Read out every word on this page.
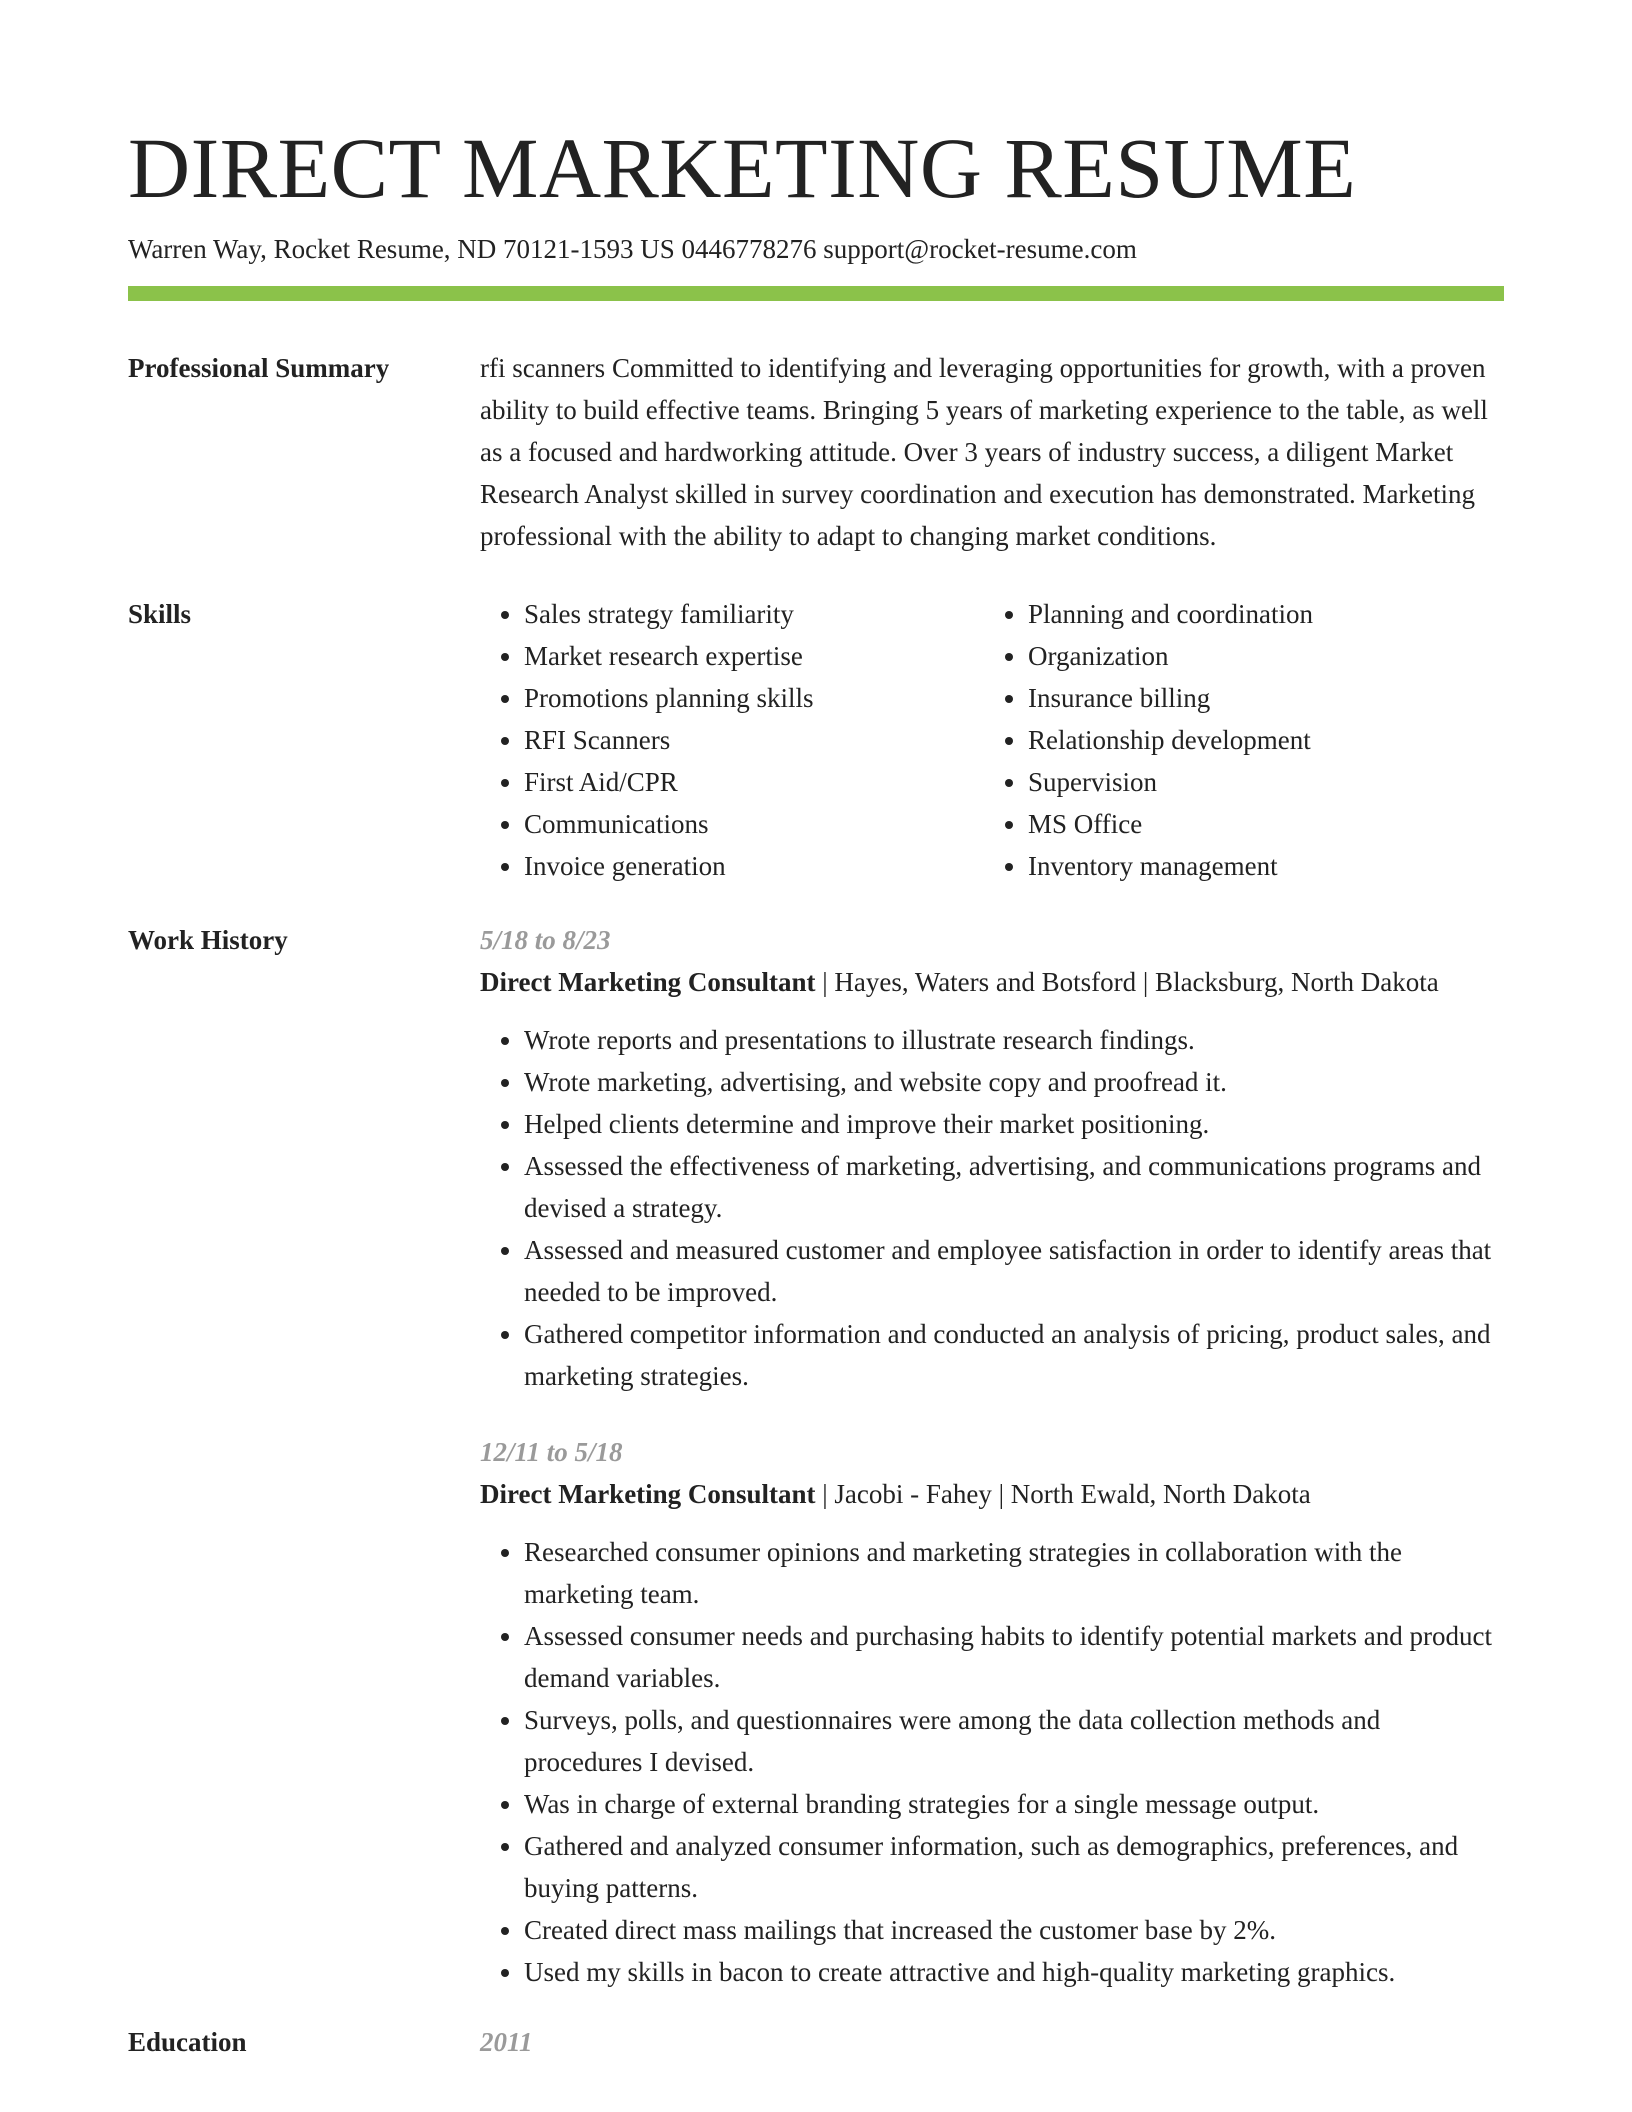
DIRECT MARKETING RESUME
Warren Way, Rocket Resume, ND 70121-1593 US 0446778276 support@rocket-resume.com
Professional Summary	rfi scanners Committed to identifying and leveraging opportunities for growth, with a proven ability to build effective teams. Bringing 5 years of marketing experience to the table, as well as a focused and hardworking attitude. Over 3 years of industry success, a diligent Market Research Analyst skilled in survey coordination and execution has demonstrated. Marketing professional with the ability to adapt to changing market conditions.

Skills
•	Sales strategy familiarity
• Market research expertise
• Promotions planning skills
• RFI Scanners
• First Aid/CPR
• Communications
• Invoice generation
• Planning and coordination
• Organization
• Insurance billing
• Relationship development
• Supervision
• MS Office
• Inventory management
Work History	5/18 to 8/23
Direct Marketing Consultant | Hayes, Waters and Botsford | Blacksburg, North Dakota
• Wrote reports and presentations to illustrate research findings.
• Wrote marketing, advertising, and website copy and proofread it.
• Helped clients determine and improve their market positioning.
• Assessed the effectiveness of marketing, advertising, and communications programs and devised a strategy.
• Assessed and measured customer and employee satisfaction in order to identify areas that needed to be improved.
• Gathered competitor information and conducted an analysis of pricing, product sales, and marketing strategies.
12/11 to 5/18
Direct Marketing Consultant | Jacobi - Fahey | North Ewald, North Dakota
• Researched consumer opinions and marketing strategies in collaboration with the marketing team.
• Assessed consumer needs and purchasing habits to identify potential markets and product demand variables.
• Surveys, polls, and questionnaires were among the data collection methods and procedures I devised.
• Was in charge of external branding strategies for a single message output.
• Gathered and analyzed consumer information, such as demographics, preferences, and buying patterns.
• Created direct mass mailings that increased the customer base by 2%.
• Used my skills in bacon to create attractive and high-quality marketing graphics.
Education	2011
